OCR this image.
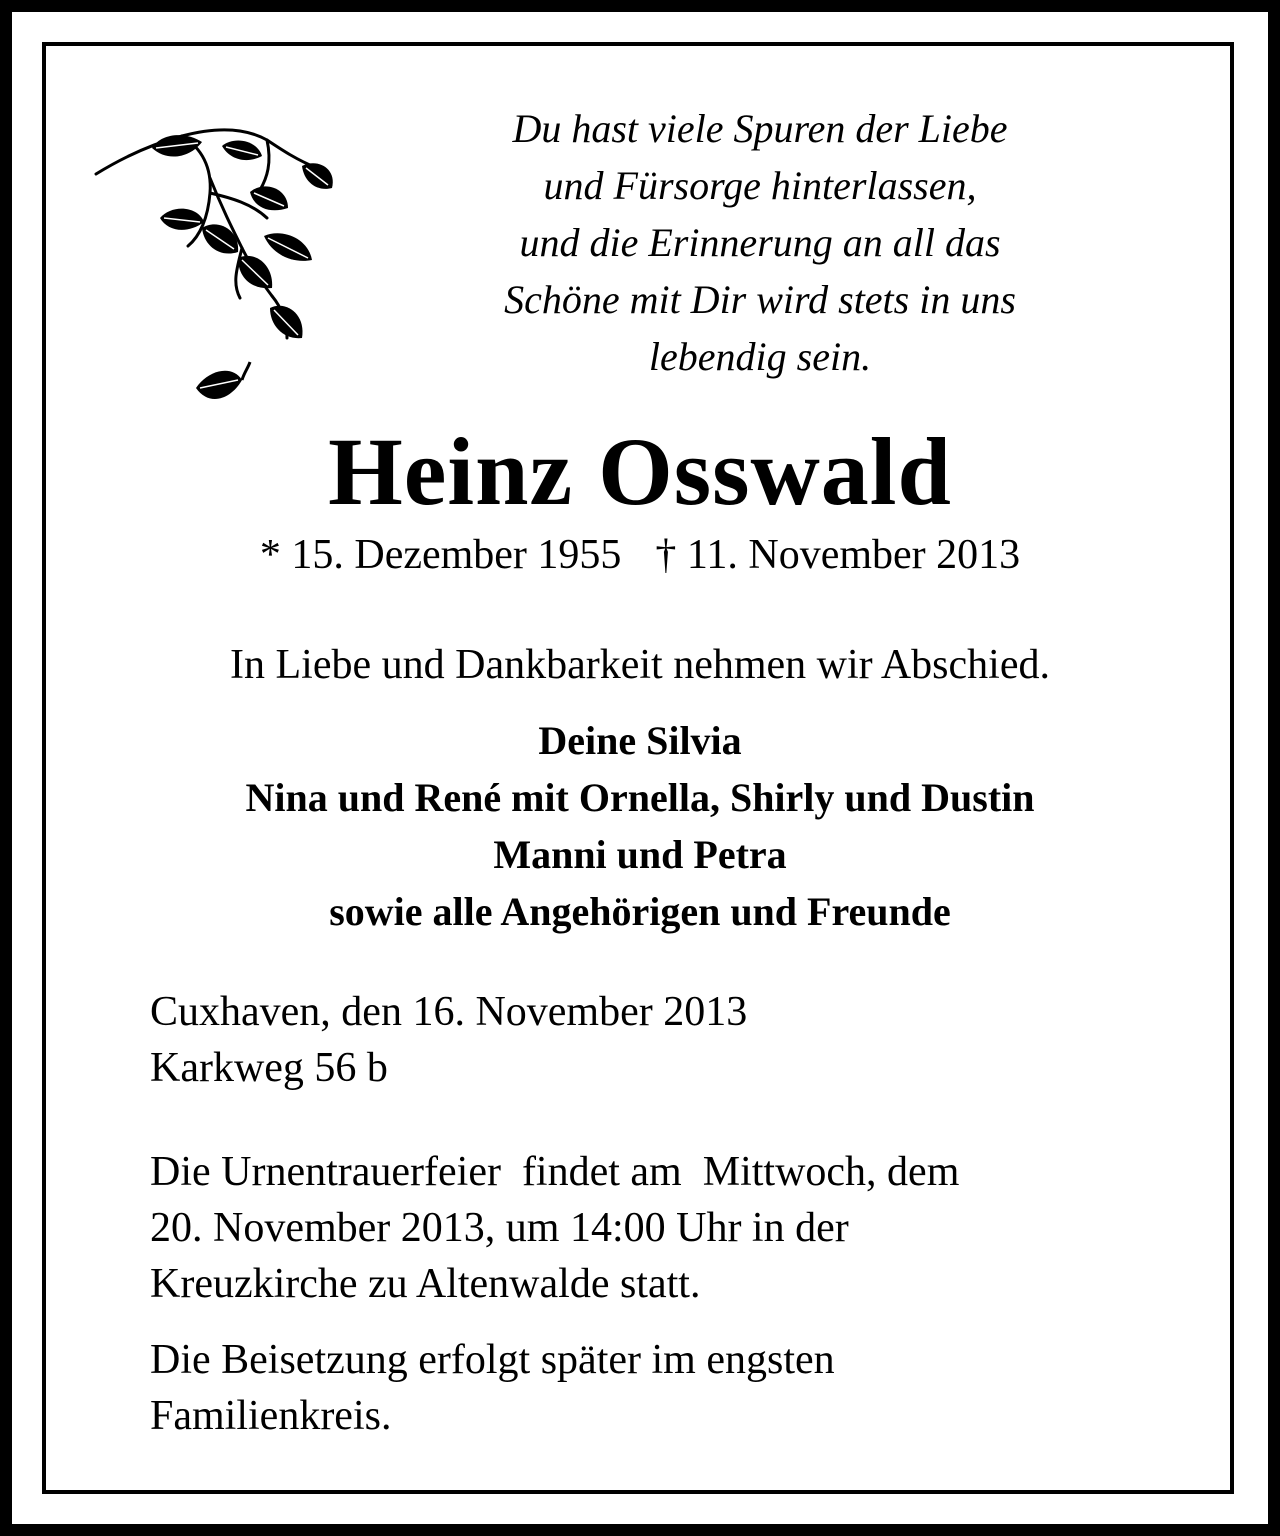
Du hast viele Spuren der Liebe
und Fürsorge hinterlassen,
und die Erinnerung an all das
Schöne mit Dir wird stets in uns
lebendig sein.
Heinz Osswald
* 15. Dezember 1955 † 11. November 2013
In Liebe und Dankbarkeit nehmen wir Abschied.
Deine Silvia
Nina und René mit Ornella, Shirly und Dustin
Manni und Petra
sowie alle Angehörigen und Freunde
Cuxhaven, den 16. November 2013
Karkweg 56 b
Die Urnentrauerfeier  findet am  Mittwoch, dem
20. November 2013, um 14:00 Uhr in der
Kreuzkirche zu Altenwalde statt.
Die Beisetzung erfolgt später im engsten
Familienkreis.
